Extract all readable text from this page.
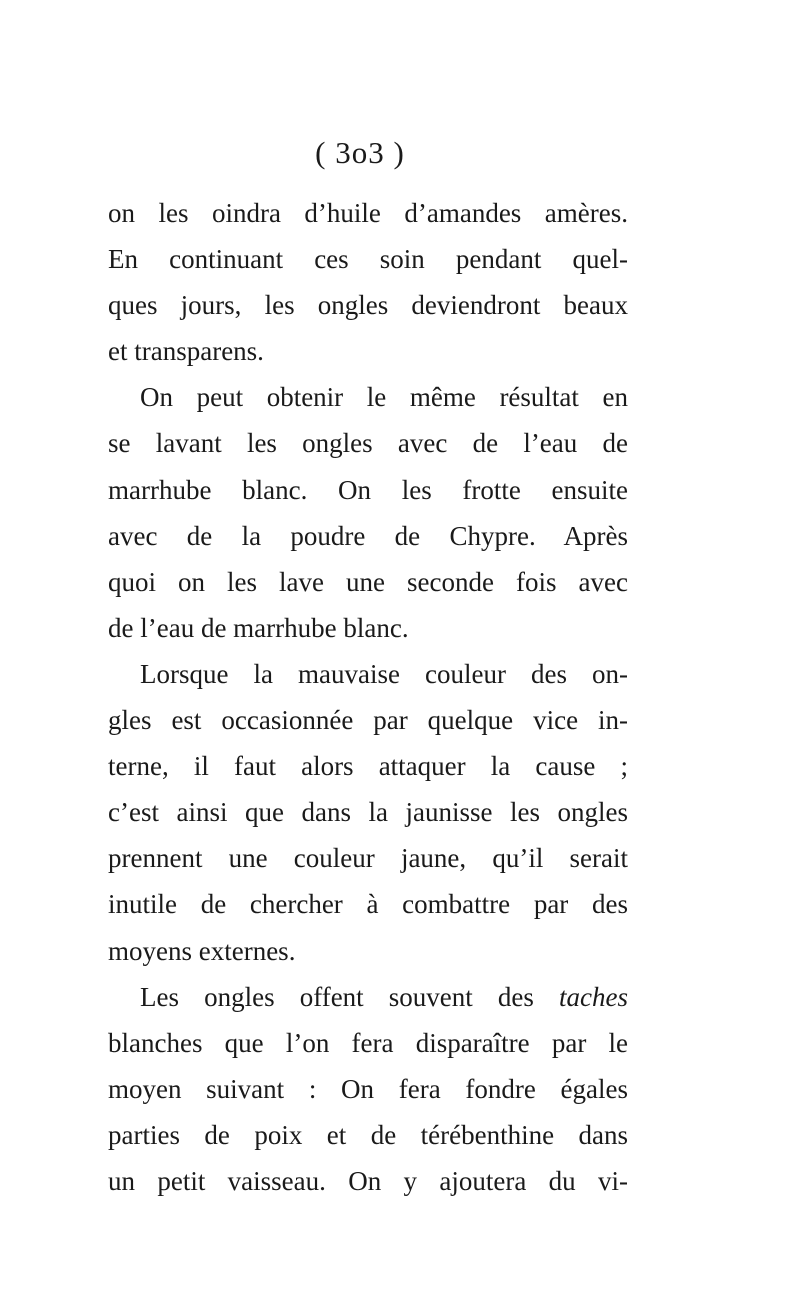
( 3o3 )
on les oindra d’huile d’amandes amères.
En continuant ces soin pendant quel-
ques jours, les ongles deviendront beaux
et transparens.
On peut obtenir le même résultat en
se lavant les ongles avec de l’eau de
marrhube blanc. On les frotte ensuite
avec de la poudre de Chypre. Après
quoi on les lave une seconde fois avec
de l’eau de marrhube blanc.
Lorsque la mauvaise couleur des on-
gles est occasionnée par quelque vice in-
terne, il faut alors attaquer la cause ;
c’est ainsi que dans la jaunisse les ongles
prennent une couleur jaune, qu’il serait
inutile de chercher à combattre par des
moyens externes.
Les ongles offent souvent des taches
blanches que l’on fera disparaître par le
moyen suivant : On fera fondre égales
parties de poix et de térébenthine dans
un petit vaisseau. On y ajoutera du vi-
